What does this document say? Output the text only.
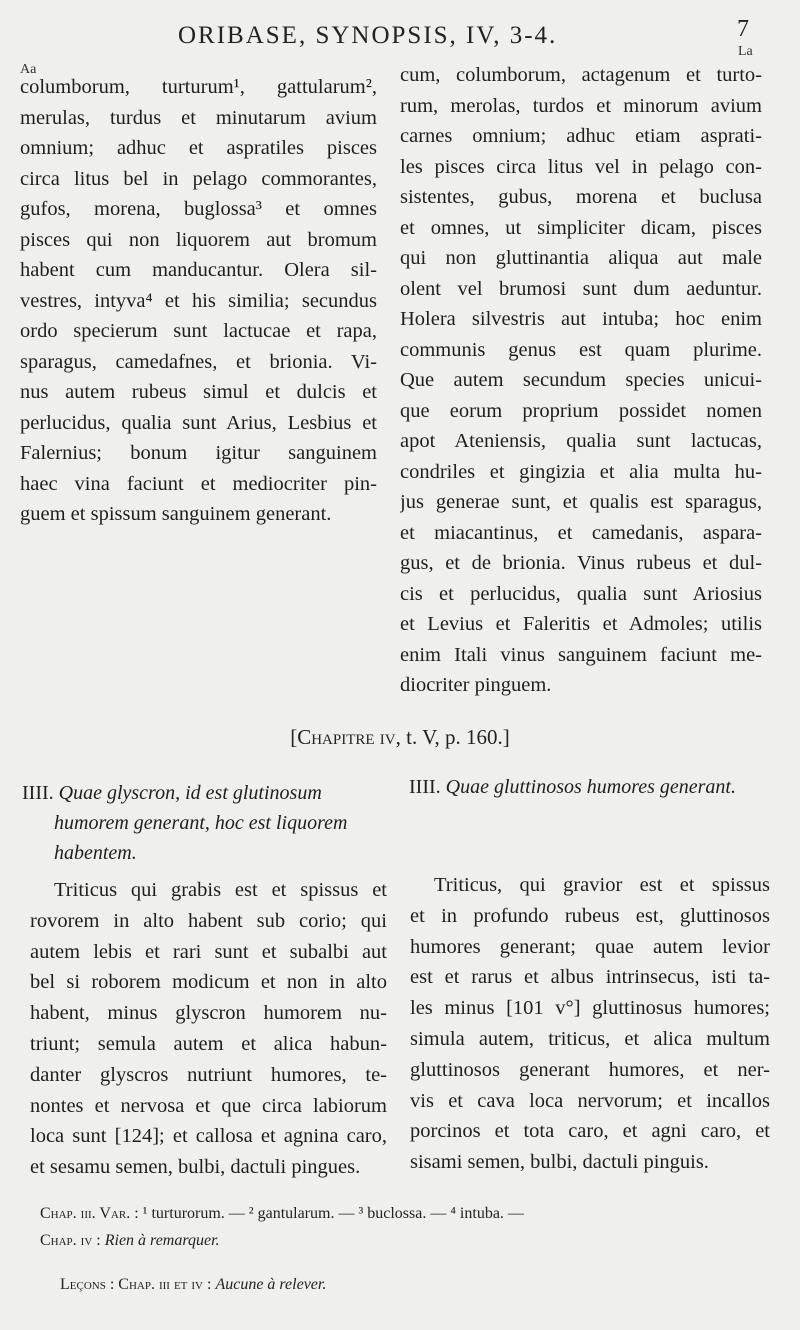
ORIBASE, SYNOPSIS, IV, 3-4.	7
Aa
La
columborum, turturum¹, gattularum²,
merulas, turdus et minutarum avium
omnium; adhuc et aspratiles pisces
circa litus bel in pelago commorantes,
gufos, morena, buglossa³ et omnes
pisces qui non liquorem aut bromum
habent cum manducantur. Olera sil-
vestres, intyva⁴ et his similia; secundus
ordo specierum sunt lactucae et rapa,
sparagus, camedafnes, et brionia. Vi-
nus autem rubeus simul et dulcis et
perlucidus, qualia sunt Arius, Lesbius et
Falernius; bonum igitur sanguinem
haec vina faciunt et mediocriter pin-
guem et spissum sanguinem generant.
cum, columborum, actagenum et turto-
rum, merolas, turdos et minorum avium
carnes omnium; adhuc etiam asprati-
les pisces circa litus vel in pelago con-
sistentes, gubus, morena et buclusa
et omnes, ut simpliciter dicam, pisces
qui non gluttinantia aliqua aut male
olent vel brumosi sunt dum aeduntur.
Holera silvestris aut intuba; hoc enim
communis genus est quam plurime.
Que autem secundum species unicui-
que eorum proprium possidet nomen
apot Ateniensis, qualia sunt lactucas,
condriles et gingizia et alia multa hu-
jus generae sunt, et qualis est sparagus,
et miacantinus, et camedanis, aspara-
gus, et de brionia. Vinus rubeus et dul-
cis et perlucidus, qualia sunt Ariosius
et Levius et Faleritis et Admoles; utilis
enim Itali vinus sanguinem faciunt me-
diocriter pinguem.
[Chapitre iv, t. V, p. 160.]
IIII. Quae glyscron, id est glutinosum
humorem generant, hoc est liquorem
habentem.
IIII. Quae gluttinosos humores generant.
Triticus qui grabis est et spissus et
rovorem in alto habent sub corio; qui
autem lebis et rari sunt et subalbi aut
bel si roborem modicum et non in alto
habent, minus glyscron humorem nu-
triunt; semula autem et alica habun-
danter glyscros nutriunt humores, te-
nontes et nervosa et que circa labiorum
loca sunt [124]; et callosa et agnina caro,
et sesamu semen, bulbi, dactuli pingues.
Triticus, qui gravior est et spissus
et in profundo rubeus est, gluttinosos
humores generant; quae autem levior
est et rarus et albus intrinsecus, isti ta-
les minus [101 v°] gluttinosus humores;
simula autem, triticus, et alica multum
gluttinosos generant humores, et ner-
vis et cava loca nervorum; et incallos
porcinos et tota caro, et agni caro, et
sisami semen, bulbi, dactuli pinguis.
Chap. iii. Var. : ¹ turturorum. — ² gantularum. — ³ buclossa. — ⁴ intuba. —
Chap. iv : Rien à remarquer.
Leçons : Chap. iii et iv : Aucune à relever.
